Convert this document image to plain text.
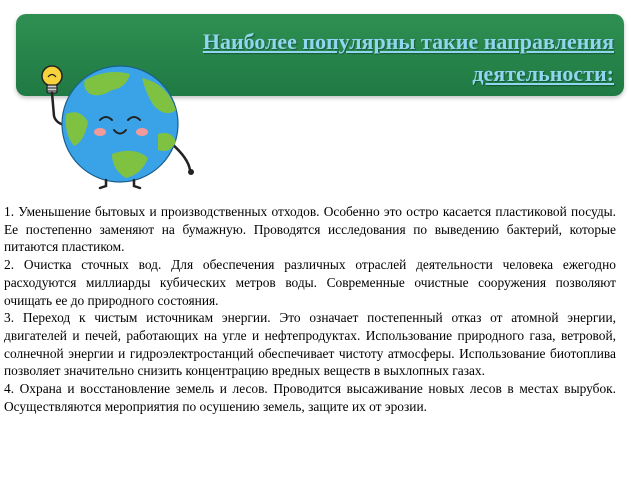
Наиболее популярны такие направления деятельности:

1. Уменьшение бытовых и производственных отходов. Особенно это остро касается пластиковой посуды. Ее постепенно заменяют на бумажную. Проводятся исследования по выведению бактерий, которые питаются пластиком.

2. Очистка сточных вод. Для обеспечения различных отраслей деятельности человека ежегодно расходуются миллиарды кубических метров воды. Современные очистные сооружения позволяют очищать ее до природного состояния.

3. Переход к чистым источникам энергии. Это означает постепенный отказ от атомной энергии, двигателей и печей, работающих на угле и нефтепродуктах. Использование природного газа, ветровой, солнечной энергии и гидроэлектростанций обеспечивает чистоту атмосферы. Использование биотоплива позволяет значительно снизить концентрацию вредных веществ в выхлопных газах.

4. Охрана и восстановление земель и лесов. Проводится высаживание новых лесов в местах вырубок. Осуществляются мероприятия по осушению земель, защите их от эрозии.
